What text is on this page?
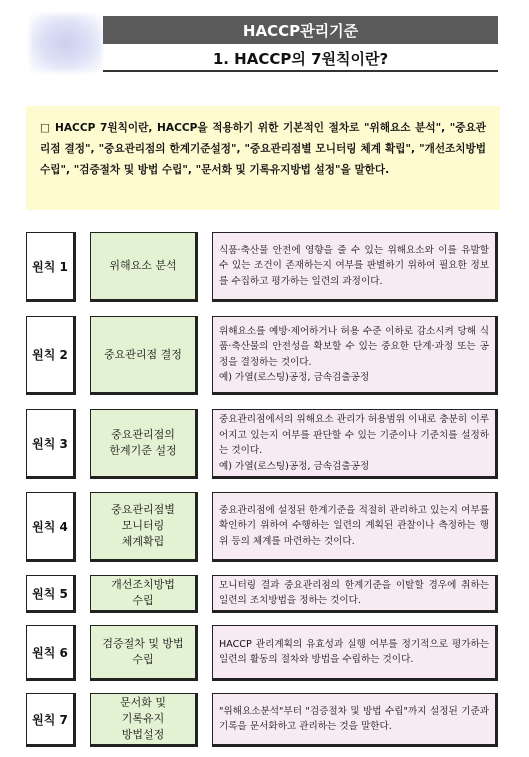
HACCP관리기준
1. HACCP의 7원칙이란?
□ HACCP 7원칙이란, HACCP을 적용하기 위한 기본적인 절차로 "위해요소 분석", "중요관리점 결정", "중요관리점의 한계기준설정", "중요관리점별 모니터링 체계 확립", "개선조치방법 수립", "검증절차 및 방법 수립", "문서화 및 기록유지방법 설정"을 말한다.
원칙 1	위해요소 분석
식품·축산물 안전에 영향을 줄 수 있는 위해요소와 이를 유발할 수 있는 조건이 존재하는지 여부를 판별하기 위하여 필요한 정보를 수집하고 평가하는 일련의 과정이다.
원칙 2	중요관리점 결정
위해요소를 예방·제어하거나 허용 수준 이하로 감소시켜 당해 식품·축산물의 안전성을 확보할 수 있는 중요한 단계·과정 또는 공정을 결정하는 것이다.
예) 가열(로스팅)공정, 금속검출공정
원칙 3
중요관리점의
한계기준 설정
중요관리점에서의 위해요소 관리가 허용범위 이내로 충분히 이루어지고 있는지 여부를 판단할 수 있는 기준이나 기준치를 설정하는 것이다.
예) 가열(로스팅)공정, 금속검출공정
원칙 4
중요관리점별
모니터링
체계확립
중요관리점에 설정된 한계기준을 적절히 관리하고 있는지 여부를 확인하기 위하여 수행하는 일련의 계획된 관찰이나 측정하는 행위 등의 체계를 마련하는 것이다.
원칙 5
개선조치방법
수립
모니터링 결과 중요관리점의 한계기준을 이탈할 경우에 취하는 일련의 조치방법을 정하는 것이다.
원칙 6
검증절차 및 방법
수립
HACCP 관리계획의 유효성과 실행 여부를 정기적으로 평가하는 일련의 활동의 절차와 방법을 수립하는 것이다.
원칙 7
문서화 및
기록유지
방법설정
"위해요소분석"부터 "검증절차 및 방법 수립"까지 설정된 기준과 기록을 문서화하고 관리하는 것을 말한다.
